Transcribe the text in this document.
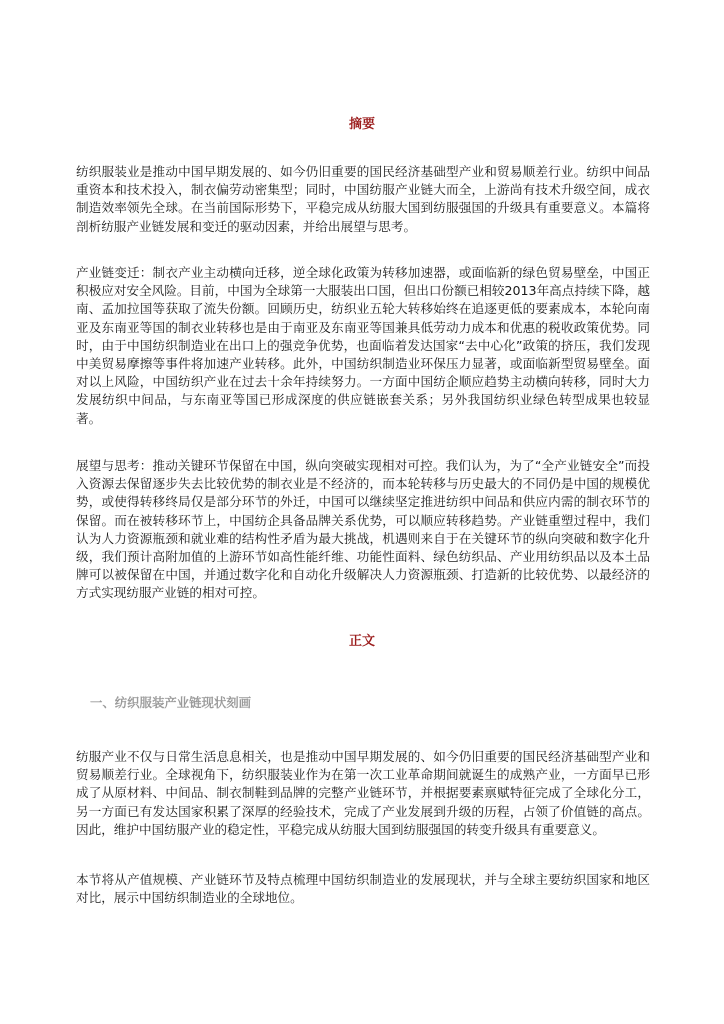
摘要

纺织服装业是推动中国早期发展的、如今仍旧重要的国民经济基础型产业和贸易顺差行业。纺织中间品重资本和技术投入，制衣偏劳动密集型；同时，中国纺服产业链大而全，上游尚有技术升级空间，成衣制造效率领先全球。在当前国际形势下，平稳完成从纺服大国到纺服强国的升级具有重要意义。本篇将剖析纺服产业链发展和变迁的驱动因素，并给出展望与思考。

产业链变迁：制衣产业主动横向迁移，逆全球化政策为转移加速器，或面临新的绿色贸易壁垒，中国正积极应对安全风险。目前，中国为全球第一大服装出口国，但出口份额已相较2013年高点持续下降，越南、孟加拉国等获取了流失份额。回顾历史，纺织业五轮大转移始终在追逐更低的要素成本，本轮向南亚及东南亚等国的制衣业转移也是由于南亚及东南亚等国兼具低劳动力成本和优惠的税收政策优势。同时，由于中国纺织制造业在出口上的强竞争优势，也面临着发达国家“去中心化”政策的挤压，我们发现中美贸易摩擦等事件将加速产业转移。此外，中国纺织制造业环保压力显著，或面临新型贸易壁垒。面对以上风险，中国纺织产业在过去十余年持续努力。一方面中国纺企顺应趋势主动横向转移，同时大力发展纺织中间品，与东南亚等国已形成深度的供应链嵌套关系；另外我国纺织业绿色转型成果也较显著。

展望与思考：推动关键环节保留在中国，纵向突破实现相对可控。我们认为，为了“全产业链安全”而投入资源去保留逐步失去比较优势的制衣业是不经济的，而本轮转移与历史最大的不同仍是中国的规模优势，或使得转移终局仅是部分环节的外迁，中国可以继续坚定推进纺织中间品和供应内需的制衣环节的保留。而在被转移环节上，中国纺企具备品牌关系优势，可以顺应转移趋势。产业链重塑过程中，我们认为人力资源瓶颈和就业难的结构性矛盾为最大挑战，机遇则来自于在关键环节的纵向突破和数字化升级，我们预计高附加值的上游环节如高性能纤维、功能性面料、绿色纺织品、产业用纺织品以及本土品牌可以被保留在中国，并通过数字化和自动化升级解决人力资源瓶颈、打造新的比较优势、以最经济的方式实现纺服产业链的相对可控。

正文
一、纺织服装产业链现状刻画

纺服产业不仅与日常生活息息相关，也是推动中国早期发展的、如今仍旧重要的国民经济基础型产业和贸易顺差行业。全球视角下，纺织服装业作为在第一次工业革命期间就诞生的成熟产业，一方面早已形成了从原材料、中间品、制衣制鞋到品牌的完整产业链环节，并根据要素禀赋特征完成了全球化分工，另一方面已有发达国家积累了深厚的经验技术，完成了产业发展到升级的历程，占领了价值链的高点。因此，维护中国纺服产业的稳定性，平稳完成从纺服大国到纺服强国的转变升级具有重要意义。

本节将从产值规模、产业链环节及特点梳理中国纺织制造业的发展现状，并与全球主要纺织国家和地区对比，展示中国纺织制造业的全球地位。
